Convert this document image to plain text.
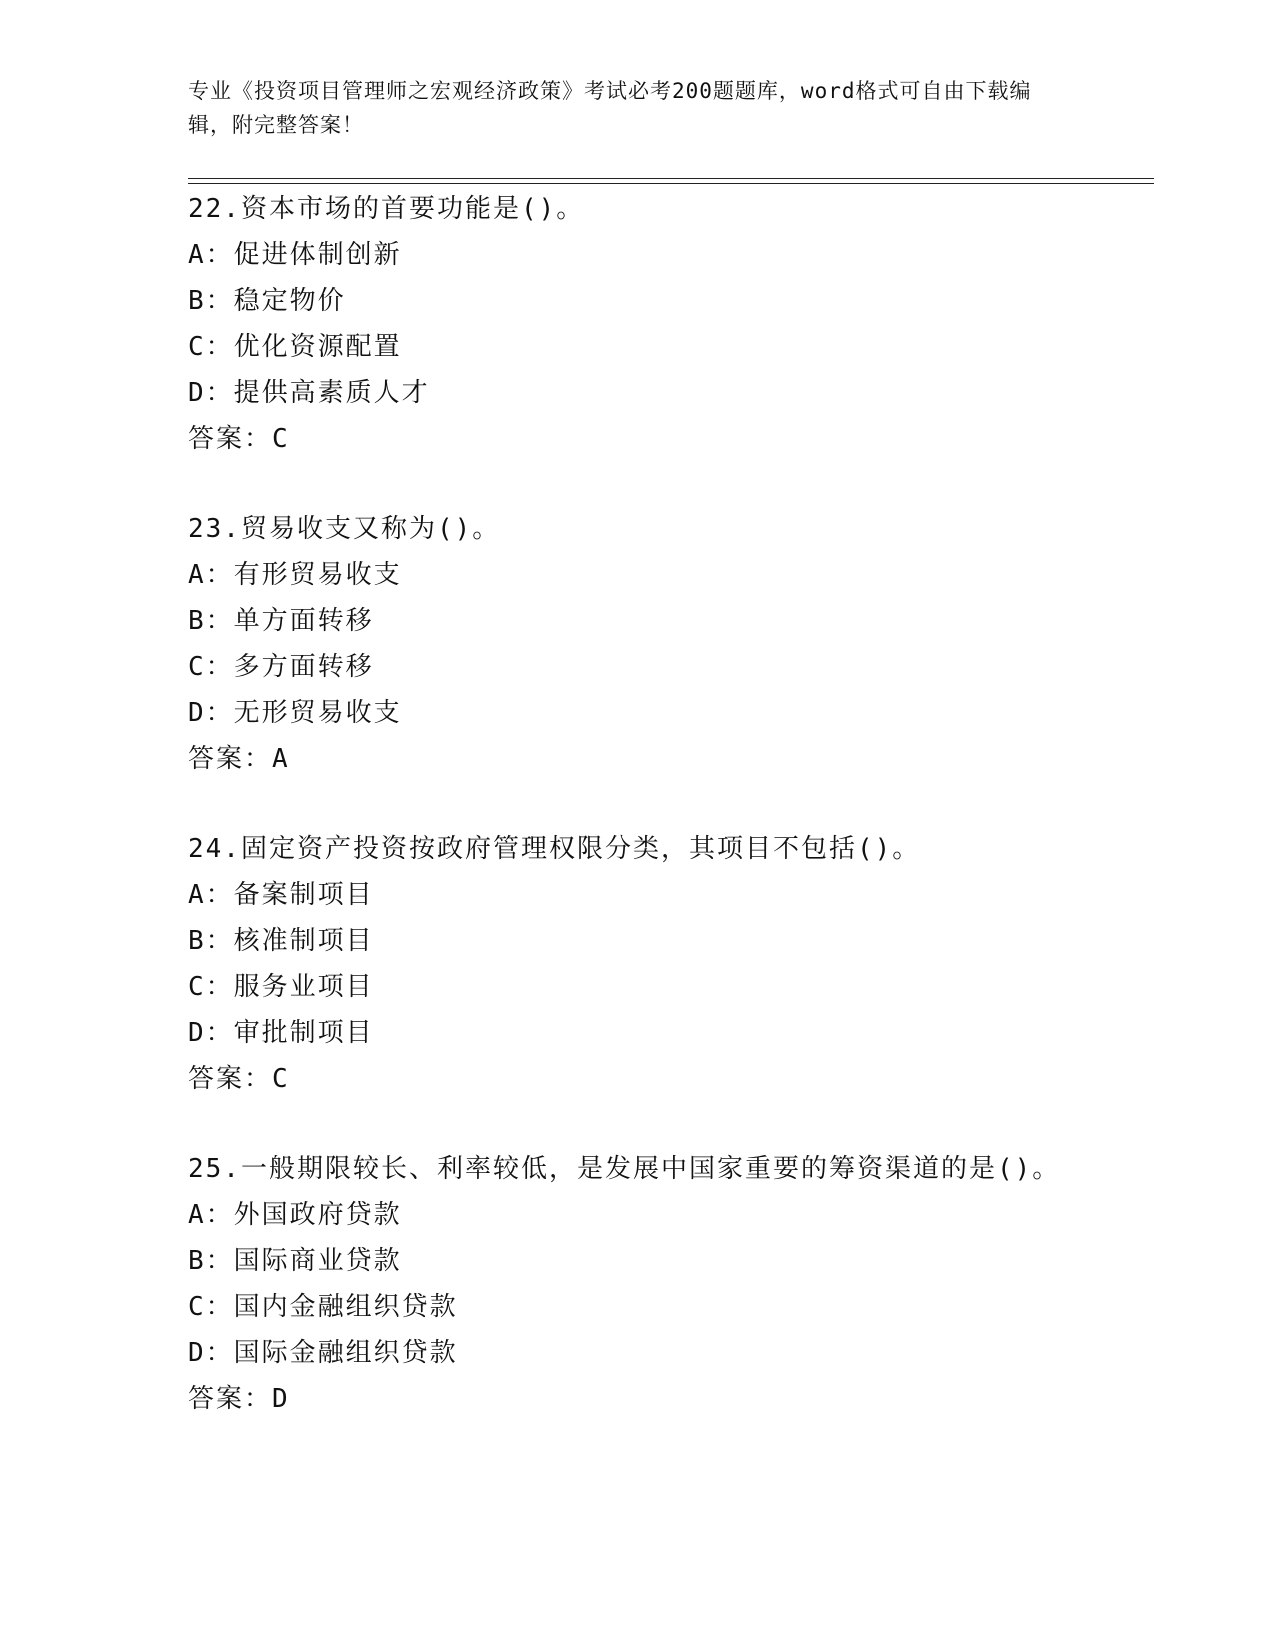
专业《投资项目管理师之宏观经济政策》考试必考200题题库，word格式可自由下载编辑，附完整答案！
22.资本市场的首要功能是()。
A：促进体制创新
B：稳定物价
C：优化资源配置
D：提供高素质人才
答案：C
23.贸易收支又称为()。
A：有形贸易收支
B：单方面转移
C：多方面转移
D：无形贸易收支
答案：A
24.固定资产投资按政府管理权限分类，其项目不包括()。
A：备案制项目
B：核准制项目
C：服务业项目
D：审批制项目
答案：C
25.一般期限较长、利率较低，是发展中国家重要的筹资渠道的是()。
A：外国政府贷款
B：国际商业贷款
C：国内金融组织贷款
D：国际金融组织贷款
答案：D
